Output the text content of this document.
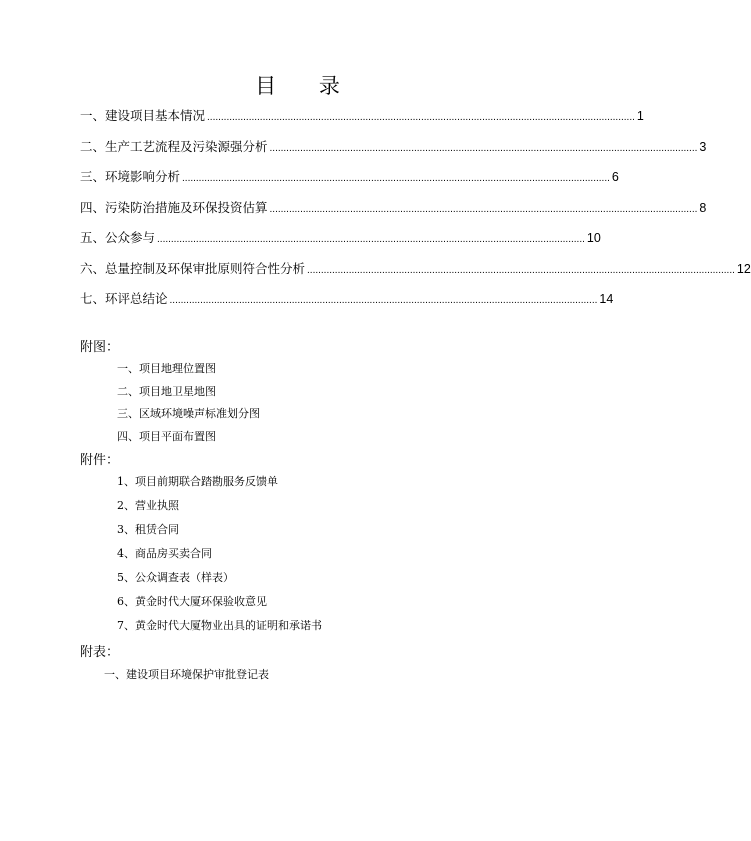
目 录
一、建设项目基本情况 .......................................................................................................................................................... 1
二、生产工艺流程及污染源强分析 .......................................................................................................................................................... 3
三、环境影响分析 .......................................................................................................................................................... 6
四、污染防治措施及环保投资估算 .......................................................................................................................................................... 8
五、公众参与 .......................................................................................................................................................... 10
六、总量控制及环保审批原则符合性分析 .......................................................................................................................................................... 12
七、环评总结论 .......................................................................................................................................................... 14
附图：
一、项目地理位置图
二、项目地卫星地图
三、区域环境噪声标准划分图
四、项目平面布置图
附件：
1、项目前期联合踏勘服务反馈单
2、营业执照
3、租赁合同
4、商品房买卖合同
5、公众调查表（样表）
6、黄金时代大厦环保验收意见
7、黄金时代大厦物业出具的证明和承诺书
附表：
一、建设项目环境保护审批登记表
